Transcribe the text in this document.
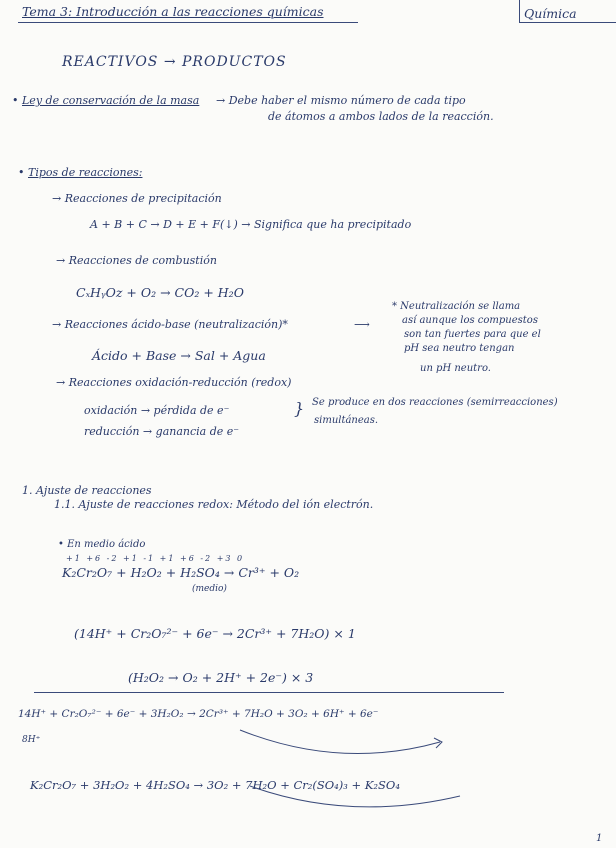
Tema 3: Introducción a las reacciones químicas	Química
REACTIVOS → PRODUCTOS
• Ley de conservación de la masa → Debe haber el mismo número de cada tipo
de átomos a ambos lados de la reacción.
• Tipos de reacciones:
→ Reacciones de precipitación
A + B + C → D + E + F(↓) → Significa que ha precipitado
→ Reacciones de combustión
CₓHᵧOz + O₂ → CO₂ + H₂O
→ Reacciones ácido-base (neutralización)*	⟶
* Neutralización se llama
así aunque los compuestos
son tan fuertes para que el
pH sea neutro tengan
un pH neutro.
Ácido + Base → Sal + Agua
→ Reacciones oxidación-reducción (redox)
oxidación → pérdida de e⁻
reducción → ganancia de e⁻
} Se produce en dos reacciones (semirreacciones)
simultáneas.
1. Ajuste de reacciones
1.1. Ajuste de reacciones redox: Método del ión electrón.
• En medio ácido
+1 +6 -2 +1 -1 +1 +6 -2 +3 0
K₂Cr₂O₇ + H₂O₂ + H₂SO₄ → Cr³⁺ + O₂
(medio)
(14H⁺ + Cr₂O₇²⁻ + 6e⁻ → 2Cr³⁺ + 7H₂O) × 1
(H₂O₂ → O₂ + 2H⁺ + 2e⁻) × 3
14H⁺ + Cr₂O₇²⁻ + 6e⁻ + 3H₂O₂ → 2Cr³⁺ + 7H₂O + 3O₂ + 6H⁺ + 6e⁻
8H⁺
K₂Cr₂O₇ + 3H₂O₂ + 4H₂SO₄ → 3O₂ + 7H₂O + Cr₂(SO₄)₃ + K₂SO₄
1
